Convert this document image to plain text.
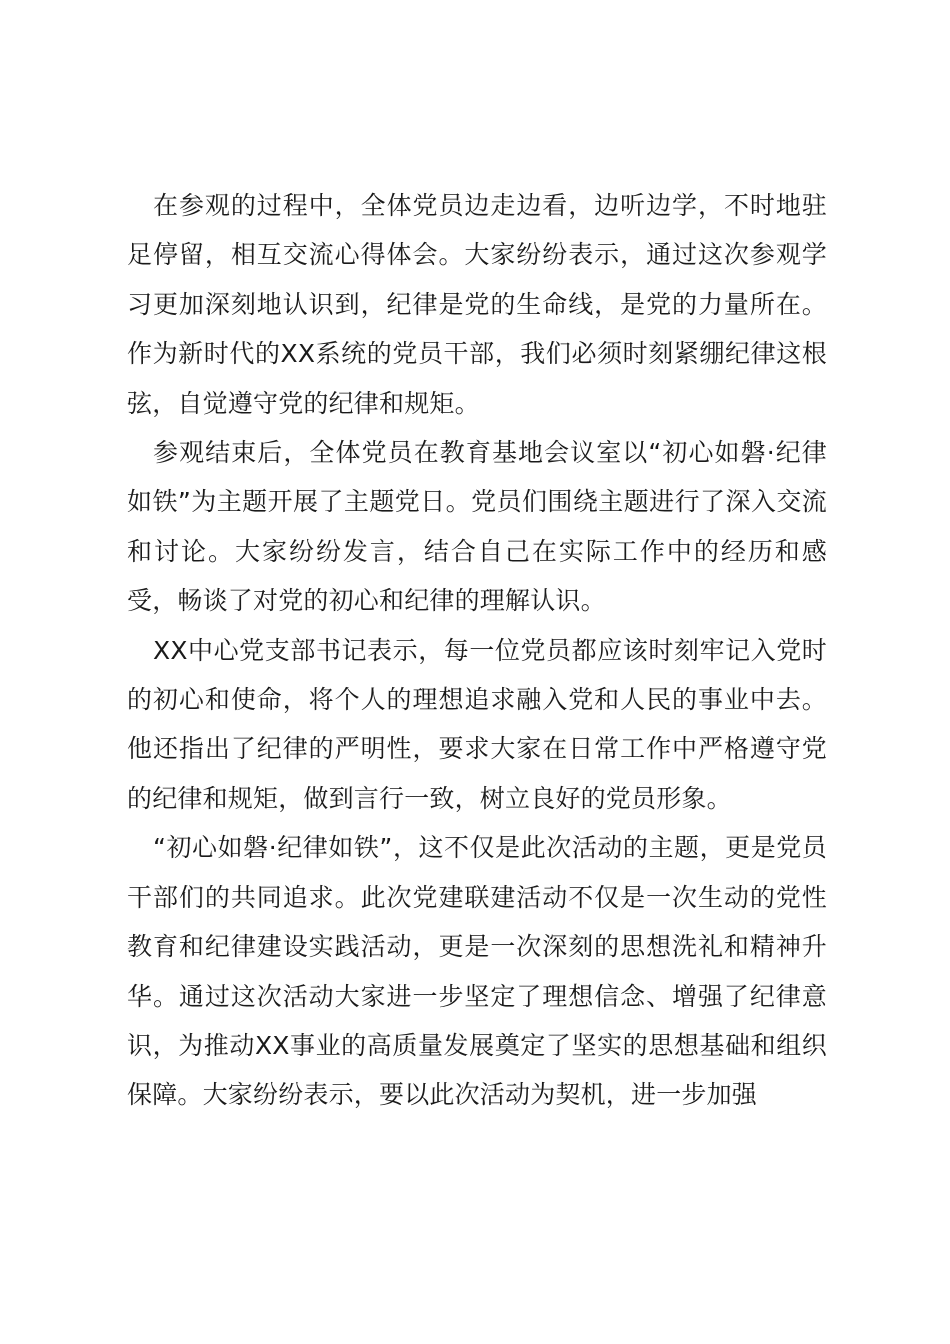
在参观的过程中，全体党员边走边看，边听边学，不时地驻足停留，相互交流心得体会。大家纷纷表示，通过这次参观学习更加深刻地认识到，纪律是党的生命线，是党的力量所在。作为新时代的XX系统的党员干部，我们必须时刻紧绷纪律这根弦，自觉遵守党的纪律和规矩。

参观结束后，全体党员在教育基地会议室以“初心如磐·纪律如铁”为主题开展了主题党日。党员们围绕主题进行了深入交流和讨论。大家纷纷发言，结合自己在实际工作中的经历和感受，畅谈了对党的初心和纪律的理解认识。

XX中心党支部书记表示，每一位党员都应该时刻牢记入党时的初心和使命，将个人的理想追求融入党和人民的事业中去。他还指出了纪律的严明性，要求大家在日常工作中严格遵守党的纪律和规矩，做到言行一致，树立良好的党员形象。

“初心如磐·纪律如铁”，这不仅是此次活动的主题，更是党员干部们的共同追求。此次党建联建活动不仅是一次生动的党性教育和纪律建设实践活动，更是一次深刻的思想洗礼和精神升华。通过这次活动大家进一步坚定了理想信念、增强了纪律意识，为推动XX事业的高质量发展奠定了坚实的思想基础和组织保障。大家纷纷表示，要以此次活动为契机，进一步加强
